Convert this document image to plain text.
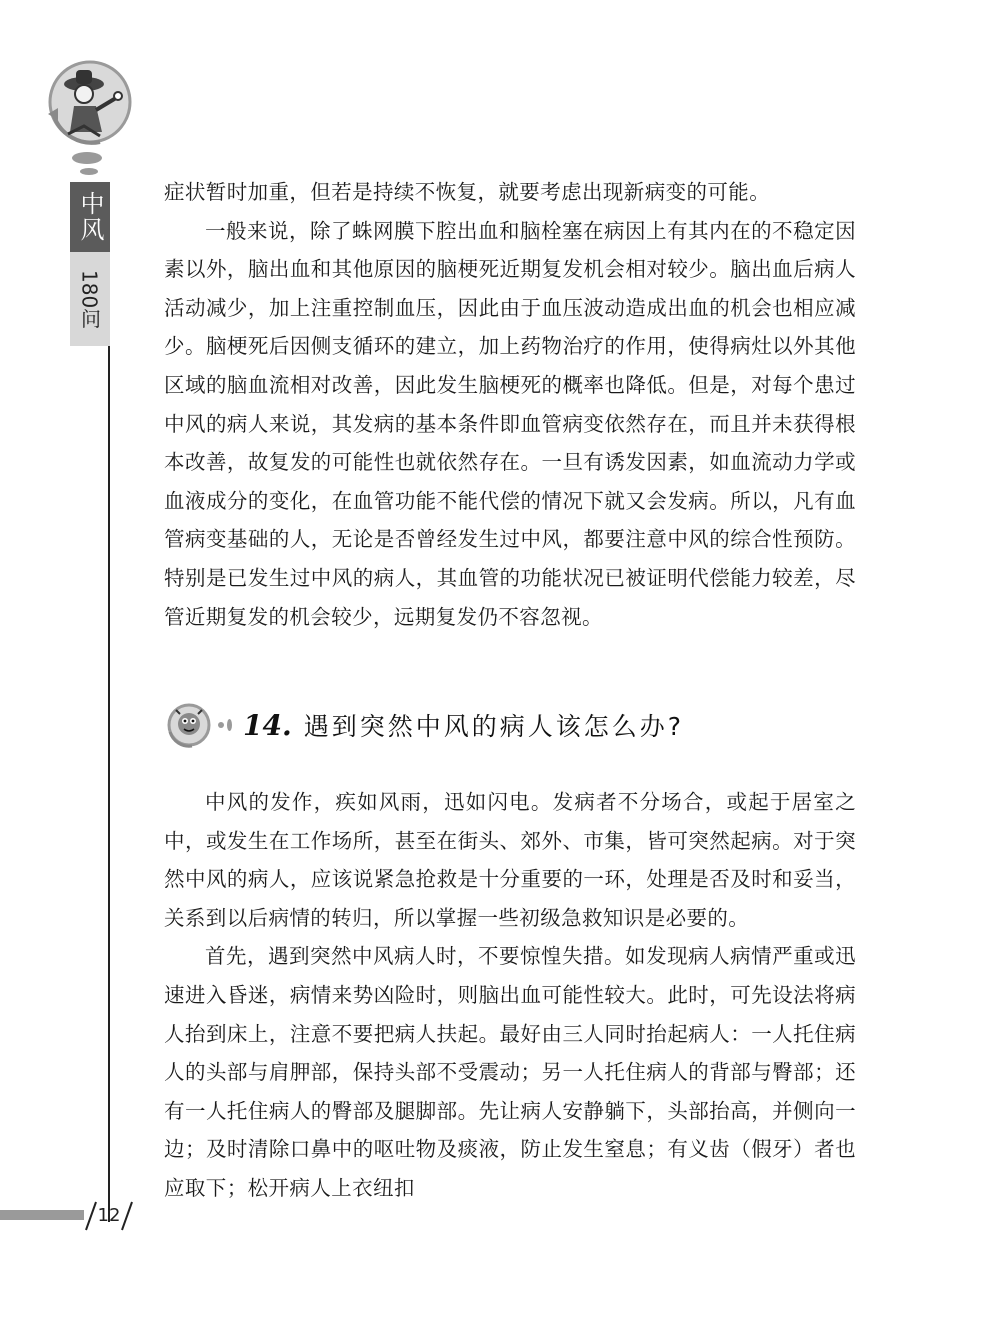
中风
180问
12

症状暂时加重，但若是持续不恢复，就要考虑出现新病变的可能。

一般来说，除了蛛网膜下腔出血和脑栓塞在病因上有其内在的不稳定因素以外，脑出血和其他原因的脑梗死近期复发机会相对较少。脑出血后病人活动减少，加上注重控制血压，因此由于血压波动造成出血的机会也相应减少。脑梗死后因侧支循环的建立，加上药物治疗的作用，使得病灶以外其他区域的脑血流相对改善，因此发生脑梗死的概率也降低。但是，对每个患过中风的病人来说，其发病的基本条件即血管病变依然存在，而且并未获得根本改善，故复发的可能性也就依然存在。一旦有诱发因素，如血流动力学或血液成分的变化，在血管功能不能代偿的情况下就又会发病。所以，凡有血管病变基础的人，无论是否曾经发生过中风，都要注意中风的综合性预防。特别是已发生过中风的病人，其血管的功能状况已被证明代偿能力较差，尽管近期复发的机会较少，远期复发仍不容忽视。

14. 遇到突然中风的病人该怎么办?

中风的发作，疾如风雨，迅如闪电。发病者不分场合，或起于居室之中，或发生在工作场所，甚至在街头、郊外、市集，皆可突然起病。对于突然中风的病人，应该说紧急抢救是十分重要的一环，处理是否及时和妥当，关系到以后病情的转归，所以掌握一些初级急救知识是必要的。

首先，遇到突然中风病人时，不要惊惶失措。如发现病人病情严重或迅速进入昏迷，病情来势凶险时，则脑出血可能性较大。此时，可先设法将病人抬到床上，注意不要把病人扶起。最好由三人同时抬起病人：一人托住病人的头部与肩胛部，保持头部不受震动；另一人托住病人的背部与臀部；还有一人托住病人的臀部及腿脚部。先让病人安静躺下，头部抬高，并侧向一边；及时清除口鼻中的呕吐物及痰液，防止发生窒息；有义齿（假牙）者也应取下；松开病人上衣纽扣
